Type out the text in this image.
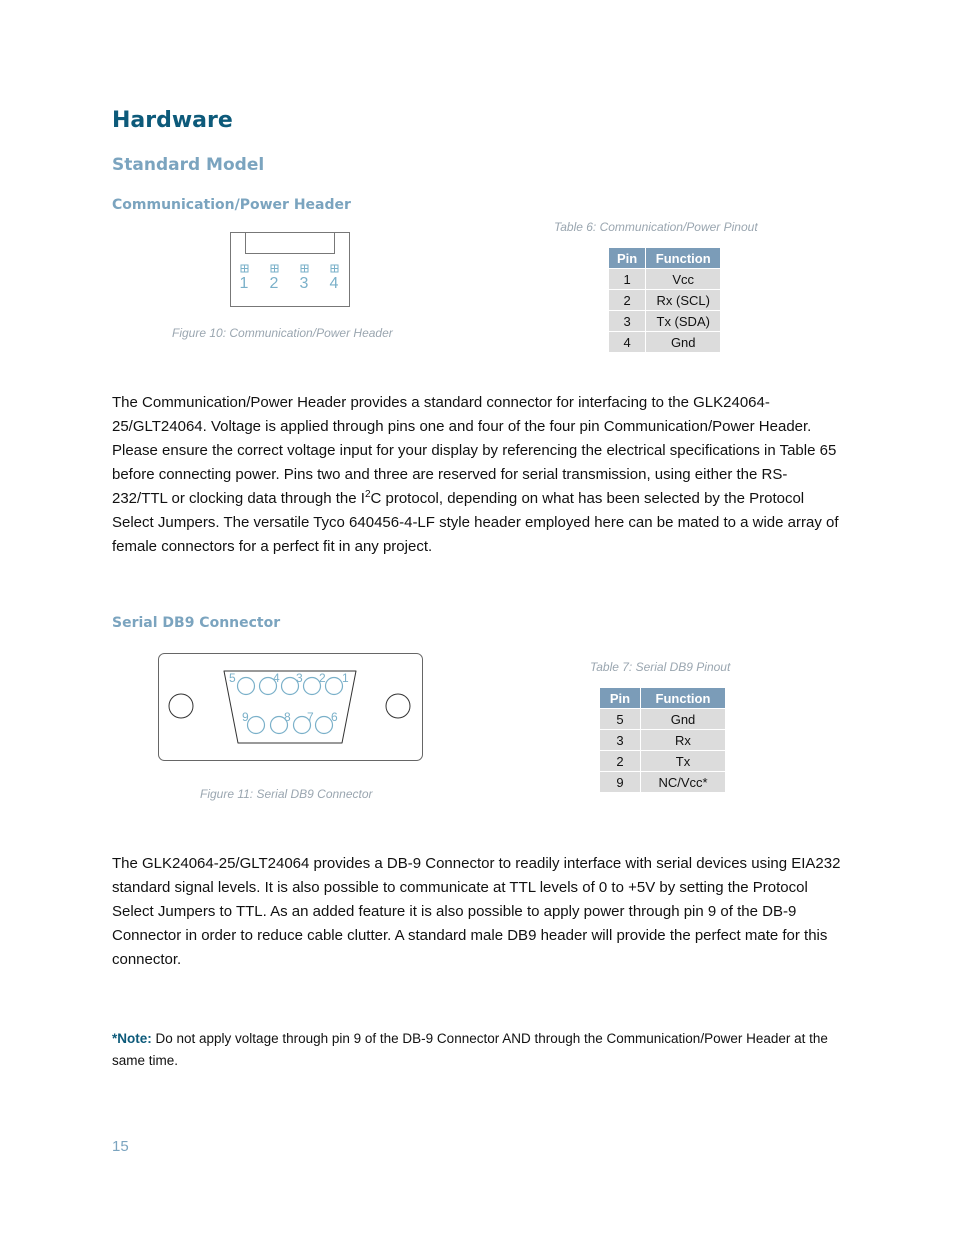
Hardware
Standard Model
Communication/Power Header
1 2 3 4
Figure 10: Communication/Power Header
Table 6: Communication/Power Pinout
Pin	Function
1	Vcc
2	Rx (SCL)
3	Tx (SDA)
4	Gnd

The Communication/Power Header provides a standard connector for interfacing to the GLK24064-25/GLT24064. Voltage is applied through pins one and four of the four pin Communication/Power Header. Please ensure the correct voltage input for your display by referencing the electrical specifications in Table 65 before connecting power. Pins two and three are reserved for serial transmission, using either the RS-232/TTL or clocking data through the $I^2C$ protocol, depending on what has been selected by the Protocol Select Jumpers. The versatile Tyco 640456-4-LF style header employed here can be mated to a wide array of female connectors for a perfect fit in any project.

Serial DB9 Connector
5	4 3 2 1
9	8 7 6
Figure 11: Serial DB9 Connector
Table 7: Serial DB9 Pinout
Pin	Function
5	Gnd
3	Rx
2	Tx
9	NC/Vcc*

The GLK24064-25/GLT24064 provides a DB-9 Connector to readily interface with serial devices using EIA232 standard signal levels. It is also possible to communicate at TTL levels of 0 to +5V by setting the Protocol Select Jumpers to TTL. As an added feature it is also possible to apply power through pin 9 of the DB-9 Connector in order to reduce cable clutter. A standard male DB9 header will provide the perfect mate for this connector.

*Note: Do not apply voltage through pin 9 of the DB-9 Connector AND through the Communication/Power Header at the same time.
15
